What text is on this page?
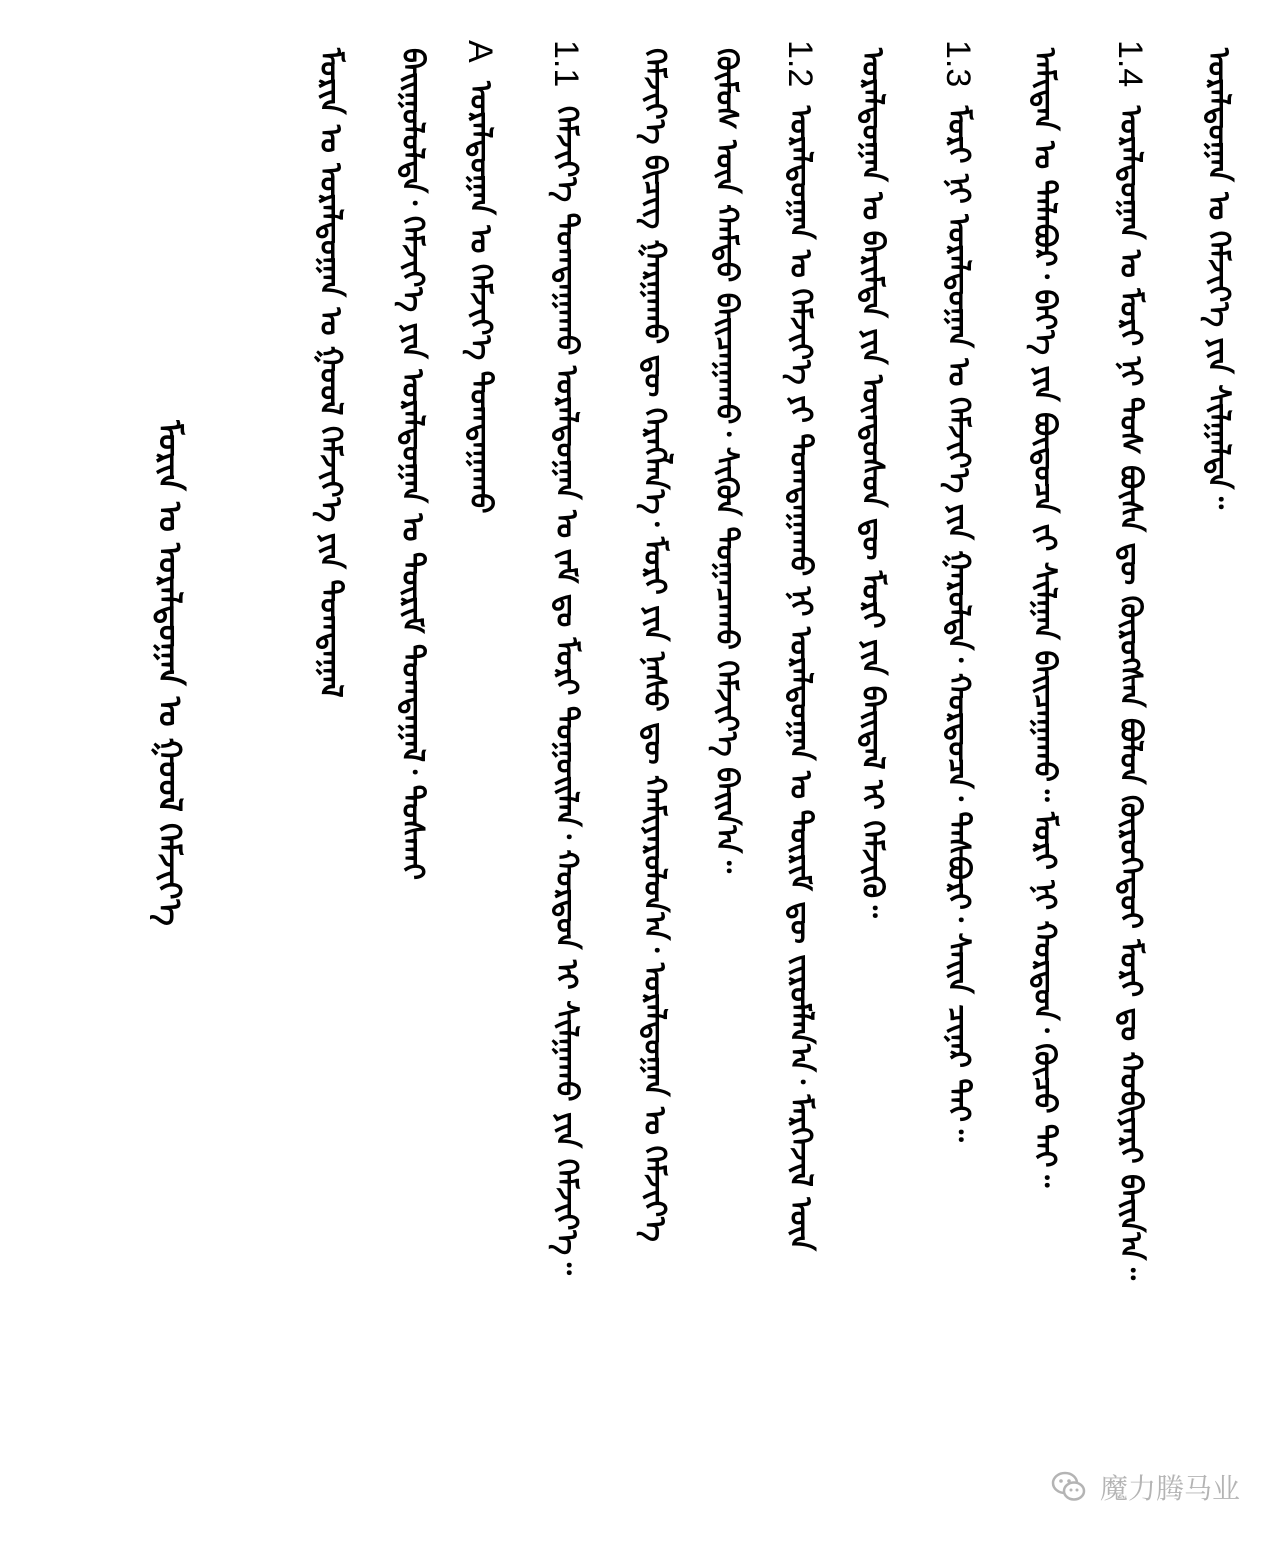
ᠤᠷᠠᠯᠳᠤᠭᠠᠨ ᠤ ᠬᠡᠮᠵᠢᠶ᠎ᠡ ᠶᠢᠨ ᠰᠢᠯᠭᠠᠯᠲᠠ᠃
1.4 ᠤᠷᠠᠯᠳᠤᠭᠠᠨ ᠤ ᠮᠣᠷᠢ ᠨᠢ ᠲᠤᠰ ᠪᠦᠰᠡ ᠳᠦ ᠬᠦᠷᠦᠭᠰᠡᠨ ᠪᠣᠯᠤᠨ ᠬᠦᠷᠦᠭᠡᠳᠦᠢ ᠮᠣᠷᠢ ᠳᠤ ᠬᠤᠪᠢᠶᠠᠷᠢ ᠪᠠᠢᠨ᠎ᠠ᠃
ᠠᠮᠢᠲᠠᠨ ᠤ ᠲᠠᠯᠠᠪᠤᠷ᠂ ᠪᠡᠶ᠎ᠡ ᠶᠢᠨ ᠪᠦᠲᠦᠴᠡ ᠵᠢ ᠰᠢᠯᠭᠠᠨ ᠪᠠᠢᠴᠠᠭᠠᠬᠤ᠃ ᠮᠣᠷᠢ ᠨᠢ ᠬᠤᠷᠳᠤᠨ᠂ ᠬᠦᠴᠦ ᠲᠡᠢ᠃
1.3 ᠮᠣᠷᠢ ᠨᠢ ᠤᠷᠠᠯᠳᠤᠭᠠᠨ ᠤ ᠬᠡᠮᠵᠢᠶ᠎ᠡ ᠶᠢᠨ ᠭᠠᠷᠤᠯᠲᠠ᠂ ᠬᠤᠷᠳᠤᠴᠠ᠂ ᠲᠡᠰᠪᠦᠷᠢ᠂ ᠰᠠᠢᠨ ᠴᠢᠨᠠᠷ ᠲᠠᠢ᠃
ᠤᠷᠠᠯᠳᠤᠭᠠᠨ ᠤ ᠪᠠᠷᠢᠮᠲᠠ ᠶᠢᠨ ᠦᠨᠳᠦᠰᠦᠨ ᠳᠦ ᠮᠣᠷᠢ ᠶᠢᠨ ᠪᠠᠢᠳᠠᠯ ᠢ ᠬᠡᠮᠵᠢᠬᠦ᠃
1.2 ᠤᠷᠠᠯᠳᠤᠭᠠᠨ ᠤ ᠬᠡᠮᠵᠢᠶ᠎ᠡ ᠶᠢ ᠲᠣᠭᠲᠠᠭᠠᠬᠤ ᠨᠢ ᠤᠷᠠᠯᠳᠤᠭᠠᠨ ᠤ ᠳᠦᠷᠢᠮ ᠳᠦ ᠵᠢᠷᠤᠮᠯᠠᠨ᠎ᠠ᠂ ᠮᠡᠷᠭᠡᠵᠢᠯ ᠦᠨ
ᠬᠦᠮᠦᠰ ᠦᠨ ᠬᠠᠮᠲᠤ ᠪᠠᠢᠴᠠᠭᠠᠬᠤ᠂ ᠰᠢᠭᠦᠨ ᠲᠣᠭᠠᠴᠠᠬᠤ ᠬᠡᠮᠵᠢᠶ᠎ᠡ ᠪᠠᠢᠨ᠎ᠠ᠃
ᠬᠡᠮᠵᠢᠶ᠎ᠡ ᠪᠢᠴᠢᠭ ᠭᠠᠷᠭᠠᠬᠤ ᠳᠦ ᠬᠡᠷᠡᠭᠯᠡᠨ᠎ᠡ᠂ ᠮᠣᠷᠢ ᠶᠢᠨ ᠨᠠᠰᠤ ᠳᠦ ᠬᠠᠮᠢᠶᠠᠷᠤᠯᠤᠨ᠎ᠠ᠂ ᠤᠷᠠᠯᠳᠤᠭᠠᠨ ᠤ ᠬᠡᠮᠵᠢᠶ᠎ᠡ
1.1 ᠬᠡᠮᠵᠢᠶ᠎ᠡ ᠲᠣᠭᠲᠠᠭᠠᠬᠤ ᠤᠷᠠᠯᠳᠤᠭᠠᠨ ᠤ ᠵᠠᠮ ᠳᠤ ᠮᠣᠷᠢ ᠳᠤᠭᠤᠢᠯᠠᠨ᠂ ᠬᠤᠷᠳᠤᠨ ᠢ ᠰᠢᠯᠭᠠᠬᠤ ᠶᠢᠨ ᠬᠡᠮᠵᠢᠶ᠎ᠡ᠃
A ᠤᠷᠠᠯᠳᠤᠭᠠᠨ ᠤ ᠬᠡᠮᠵᠢᠶ᠎ᠡ ᠲᠣᠭᠲᠠᠭᠠᠬᠤ
ᠪᠠᠢᠭᠤᠯᠤᠯᠲᠠ᠂ ᠬᠡᠮᠵᠢᠶ᠎ᠡ ᠶᠢᠨ ᠤᠷᠠᠯᠳᠤᠭᠠᠨ ᠤ ᠳᠦᠷᠢᠮ ᠲᠣᠭᠲᠠᠭᠠᠯ᠂ ᠲᠤᠰᠬᠠᠢ
ᠮᠣᠷᠢᠨ ᠤ ᠤᠷᠠᠯᠳᠤᠭᠠᠨ ᠤ ᠭᠣᠤᠯ ᠬᠡᠮᠵᠢᠶ᠎ᠡ ᠶᠢᠨ ᠲᠣᠭᠲᠠᠭᠠᠯ
ᠮᠣᠷᠢᠨ ᠤ ᠤᠷᠠᠯᠳᠤᠭᠠᠨ ᠤ ᠭᠣᠤᠯ ᠬᠡᠮᠵᠢᠶ᠎ᠡ
魔力腾马业
